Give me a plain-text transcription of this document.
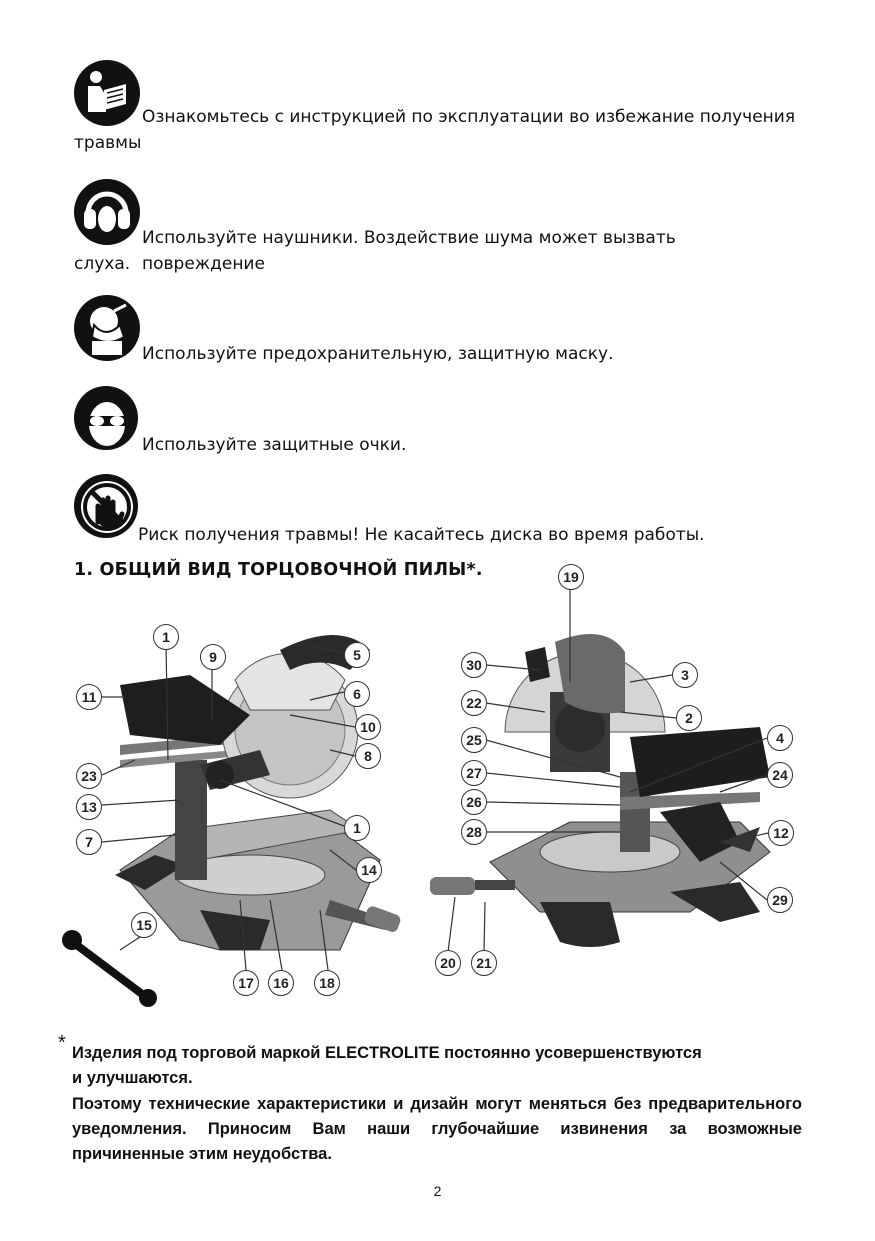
Ознакомьтесь с инструкцией по эксплуатации во избежание получения
травмы
Используйте наушники. Воздействие шума может вызвать повреждение
слуха.
Используйте предохранительную, защитную маску.
Используйте защитные очки.
Риск получения травмы! Не касайтесь диска во время работы.
1. ОБЩИЙ ВИД ТОРЦОВОЧНОЙ ПИЛЫ*.
1
9	5
11	6
10
8
23
13
1
7
14
15
17	16	18
19
30
3
22
2
25	4
27	24
26
28	12
29
20	21
* Изделия под торговой маркой ELECTROLITE постоянно усовершенствуются
и улучшаются.
Поэтому технические характеристики и дизайн могут меняться без предварительного уведомления. Приносим Вам наши глубочайшие извинения за возможные причиненные этим неудобства.
2
